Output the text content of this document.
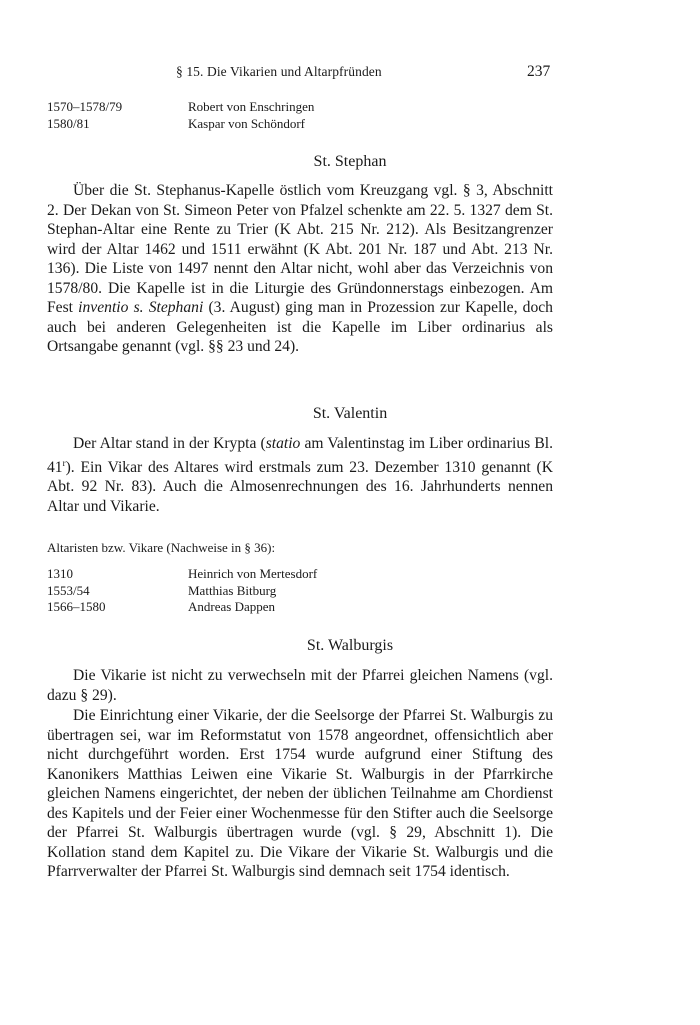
§ 15. Die Vikarien und Altarpfründen	237
1570–1578/79	Robert von Enschringen
1580/81	Kaspar von Schöndorf
St. Stephan

Über die St. Stephanus-Kapelle östlich vom Kreuzgang vgl. § 3, Abschnitt 2. Der Dekan von St. Simeon Peter von Pfalzel schenkte am 22. 5. 1327 dem St. Stephan-Altar eine Rente zu Trier (K Abt. 215 Nr. 212). Als Besitzangrenzer wird der Altar 1462 und 1511 erwähnt (K Abt. 201 Nr. 187 und Abt. 213 Nr. 136). Die Liste von 1497 nennt den Altar nicht, wohl aber das Verzeichnis von 1578/80. Die Kapelle ist in die Liturgie des Gründonnerstags einbezogen. Am Fest inventio s. Stephani (3. August) ging man in Prozession zur Kapelle, doch auch bei anderen Gelegenheiten ist die Kapelle im Liber ordinarius als Ortsangabe genannt (vgl. §§ 23 und 24).

St. Valentin

Der Altar stand in der Krypta (statio am Valentinstag im Liber ordinarius Bl. 41$^r$). Ein Vikar des Altares wird erstmals zum 23. Dezember 1310 genannt (K Abt. 92 Nr. 83). Auch die Almosenrechnungen des 16. Jahrhunderts nennen Altar und Vikarie.

Altaristen bzw. Vikare (Nachweise in § 36):
1310	Heinrich von Mertesdorf
1553/54	Matthias Bitburg
1566–1580	Andreas Dappen
St. Walburgis

Die Vikarie ist nicht zu verwechseln mit der Pfarrei gleichen Namens (vgl. dazu § 29).

Die Einrichtung einer Vikarie, der die Seelsorge der Pfarrei St. Walburgis zu übertragen sei, war im Reformstatut von 1578 angeordnet, offensichtlich aber nicht durchgeführt worden. Erst 1754 wurde aufgrund einer Stiftung des Kanonikers Matthias Leiwen eine Vikarie St. Walburgis in der Pfarrkirche gleichen Namens eingerichtet, der neben der üblichen Teilnahme am Chordienst des Kapitels und der Feier einer Wochenmesse für den Stifter auch die Seelsorge der Pfarrei St. Walburgis übertragen wurde (vgl. § 29, Abschnitt 1). Die Kollation stand dem Kapitel zu. Die Vikare der Vikarie St. Walburgis und die Pfarrverwalter der Pfarrei St. Walburgis sind demnach seit 1754 identisch.
